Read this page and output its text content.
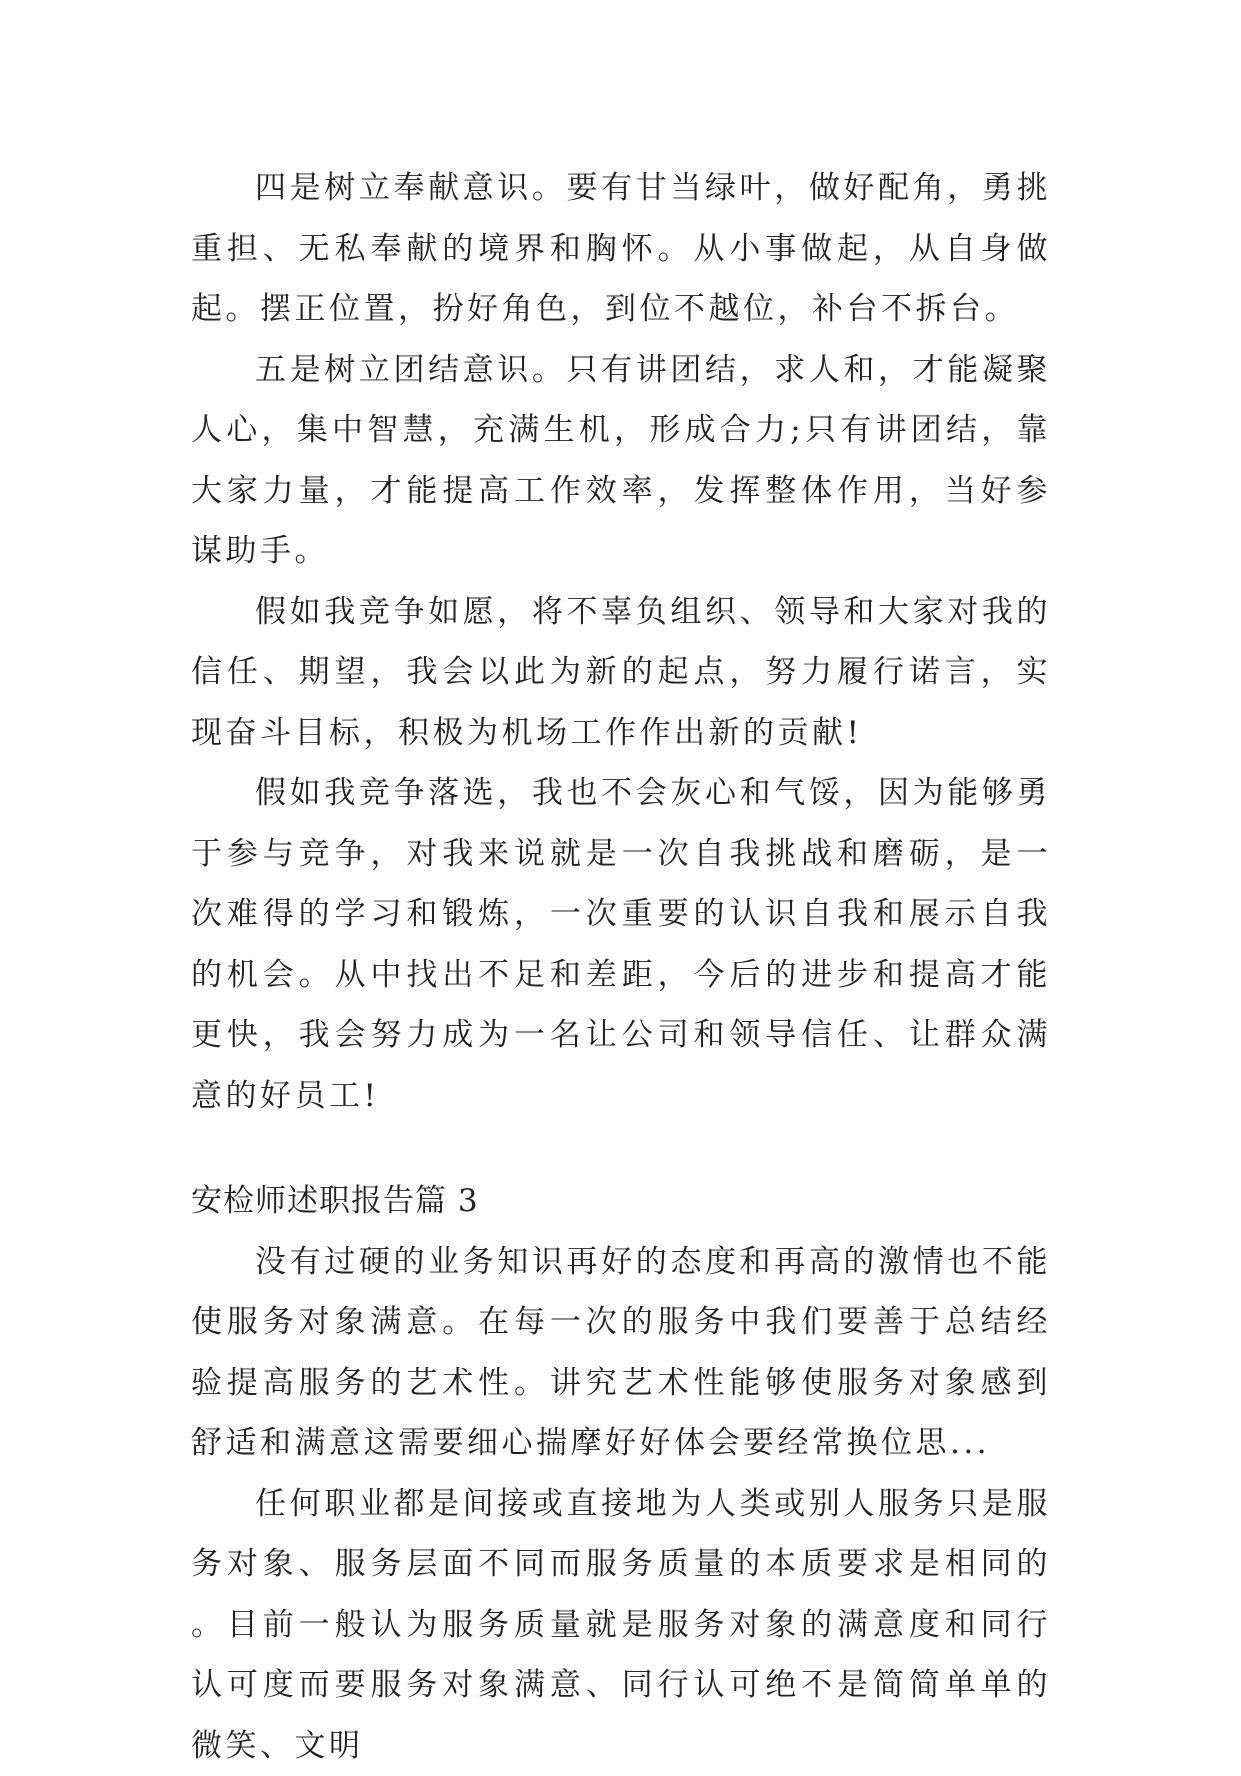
四是树立奉献意识。要有甘当绿叶，做好配角，勇挑重担、无私奉献的境界和胸怀。从小事做起，从自身做起。摆正位置，扮好角色，到位不越位，补台不拆台。

五是树立团结意识。只有讲团结，求人和，才能凝聚人心，集中智慧，充满生机，形成合力;只有讲团结，靠大家力量，才能提高工作效率，发挥整体作用，当好参谋助手。

假如我竞争如愿，将不辜负组织、领导和大家对我的信任、期望，我会以此为新的起点，努力履行诺言，实现奋斗目标，积极为机场工作作出新的贡献!

假如我竞争落选，我也不会灰心和气馁，因为能够勇于参与竞争，对我来说就是一次自我挑战和磨砺，是一次难得的学习和锻炼，一次重要的认识自我和展示自我的机会。从中找出不足和差距，今后的进步和提高才能更快，我会努力成为一名让公司和领导信任、让群众满意的好员工!

安检师述职报告篇 3

没有过硬的业务知识再好的态度和再高的激情也不能使服务对象满意。在每一次的服务中我们要善于总结经验提高服务的艺术性。讲究艺术性能够使服务对象感到舒适和满意这需要细心揣摩好好体会要经常换位思...

任何职业都是间接或直接地为人类或别人服务只是服务对象、服务层面不同而服务质量的本质要求是相同的。目前一般认为服务质量就是服务对象的满意度和同行认可度而要服务对象满意、同行认可绝不是简简单单的微笑、文明
